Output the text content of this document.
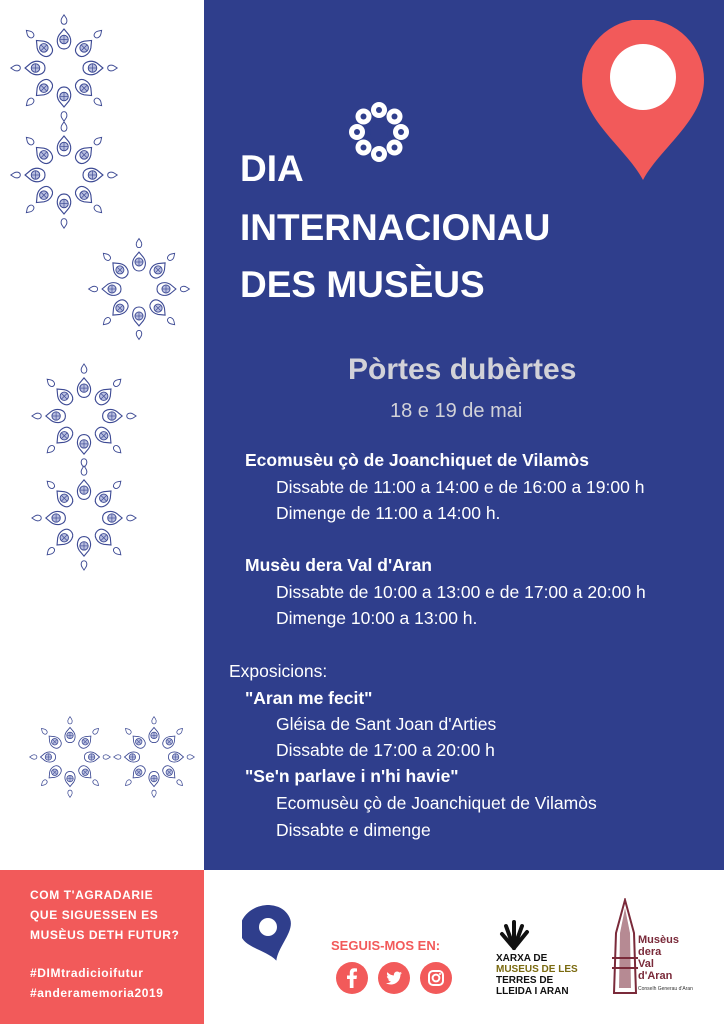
DIA
INTERNACIONAU
DES MUSÈUS
Pòrtes dubèrtes
18 e 19 de mai
Ecomusèu çò de Joanchiquet de Vilamòs
Dissabte de 11:00 a 14:00 e de 16:00 a 19:00 h
Dimenge de 11:00 a 14:00 h.
Musèu dera Val d'Aran
Dissabte de 10:00 a 13:00 e de 17:00 a 20:00 h
Dimenge 10:00 a 13:00 h.
Exposicions:
"Aran me fecit"
Gléisa de Sant Joan d'Arties
Dissabte de 17:00 a 20:00 h
"Se'n parlave i n'hi havie"
Ecomusèu çò de Joanchiquet de Vilamòs
Dissabte e dimenge
COM T'AGRADARIE
QUE SIGUESSEN ES
MUSÈUS DETH FUTUR?
#DIMtradicioifutur
#anderamemoria2019
SEGUIS-MOS EN:
XARXA DE
MUSEUS DE LES
TERRES DE
LLEIDA I ARAN
Musèus
dera
Val
d'Aran
Conselh Generau d'Aran
